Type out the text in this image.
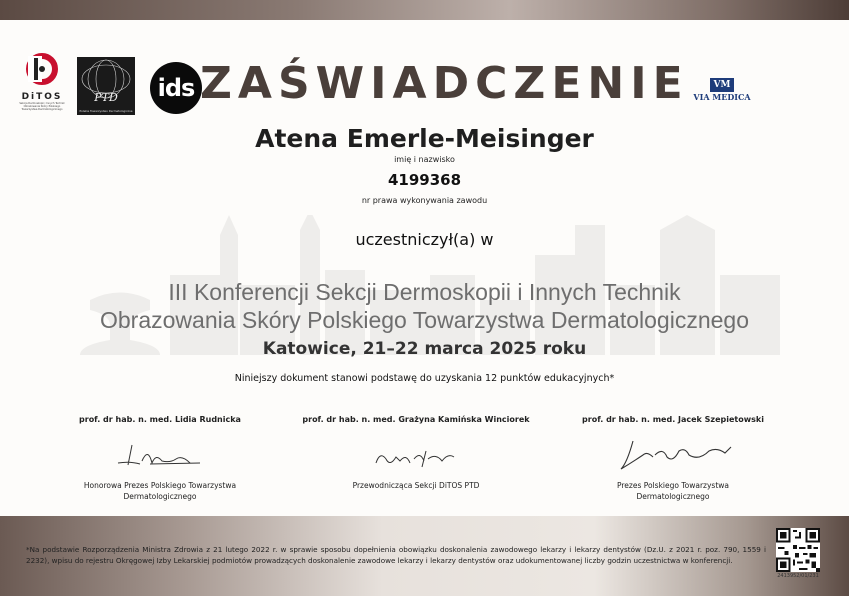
DiTOS
Sekcja Dermoskopii i Innych Technik Obrazowania Skóry Polskiego Towarzystwa Dermatologicznego
PTD
Polskie Towarzystwo Dermatologiczne
ids ZAŚWIADCZENIE	VM
VIA MEDICA
Atena Emerle-Meisinger
imię i nazwisko
4199368
nr prawa wykonywania zawodu
uczestniczył(a) w
III Konferencji Sekcji Dermoskopii i Innych Technik
Obrazowania Skóry Polskiego Towarzystwa Dermatologicznego
Katowice, 21–22 marca 2025 roku
Niniejszy dokument stanowi podstawę do uzyskania 12 punktów edukacyjnych*
prof. dr hab. n. med. Lidia Rudnicka
Honorowa Prezes Polskiego Towarzystwa
Dermatologicznego
prof. dr hab. n. med. Grażyna Kamińska Winciorek
Przewodnicząca Sekcji DiTOS PTD
prof. dr hab. n. med. Jacek Szepietowski
Prezes Polskiego Towarzystwa
Dermatologicznego
*Na podstawie Rozporządzenia Ministra Zdrowia z 21 lutego 2022 r. w sprawie sposobu dopełnienia obowiązku doskonalenia zawodowego lekarzy i lekarzy dentystów (Dz.U. z 2021 r. poz. 790, 1559 i 2232), wpisu do rejestru Okręgowej Izby Lekarskiej podmiotów prowadzących doskonalenie zawodowe lekarzy i lekarzy dentystów oraz udokumentowanej liczby godzin uczestnictwa w konferencji.
2413952/01/231
